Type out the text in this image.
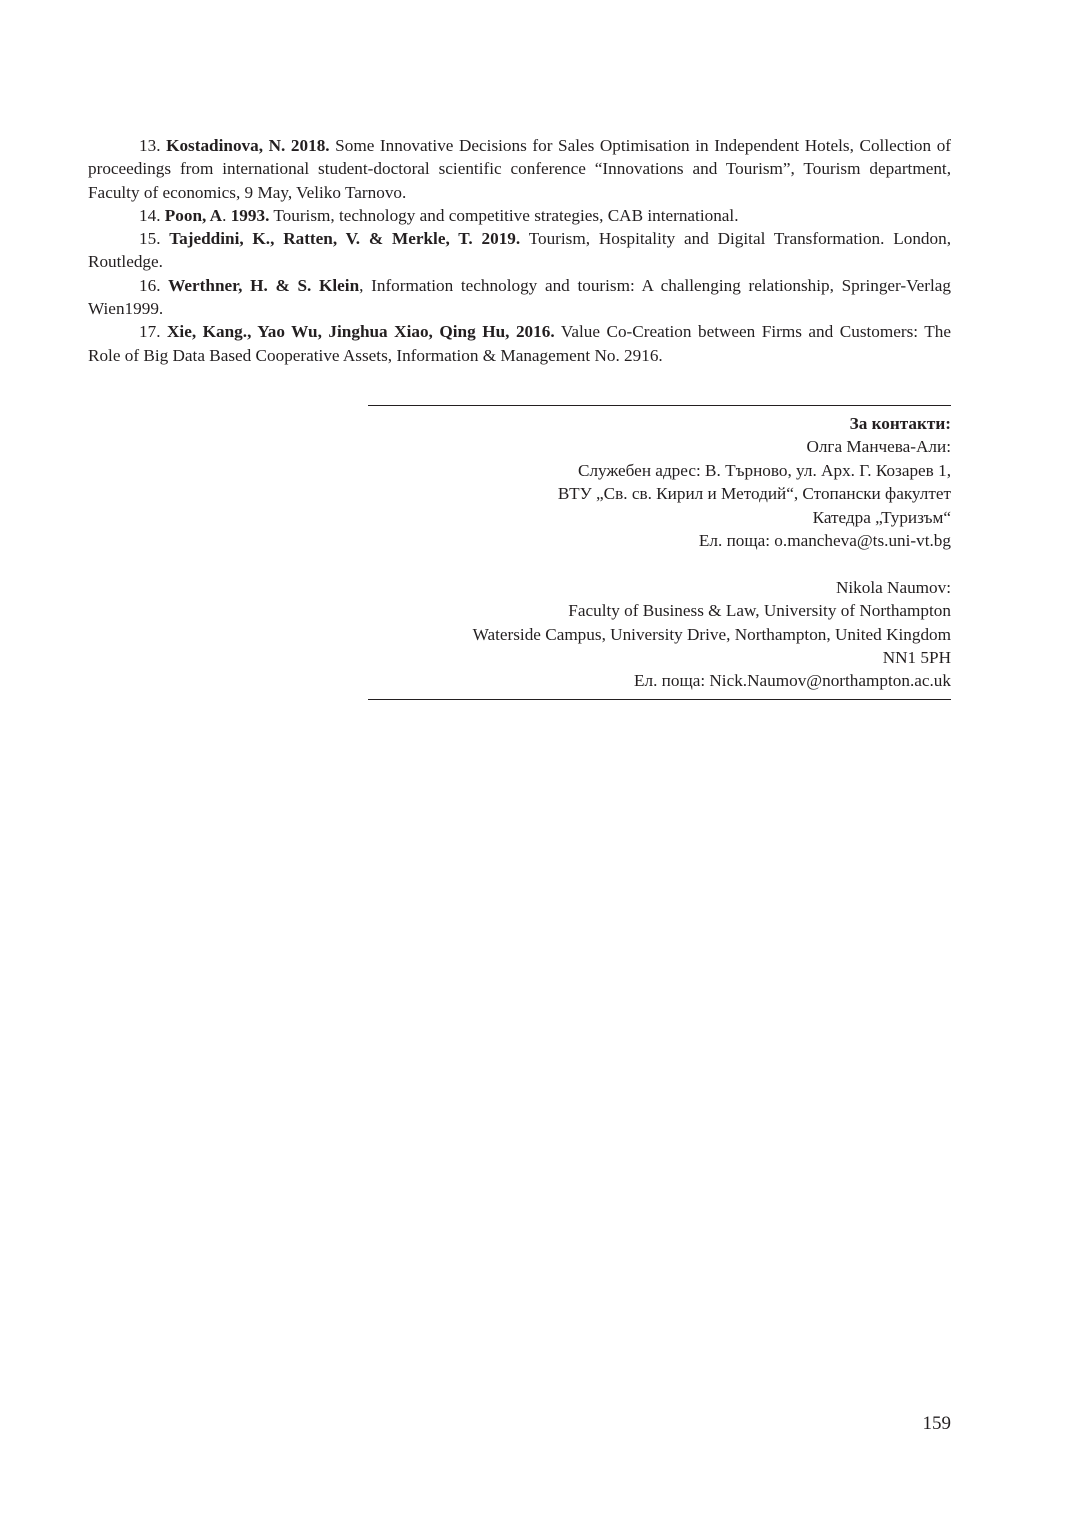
13. Kostadinova, N. 2018. Some Innovative Decisions for Sales Optimisation in Independent Hotels, Collection of proceedings from international student-doctoral scientific conference “Innovations and Tourism”, Tourism department, Faculty of economics, 9 May, Veliko Tarnovo.

14. Poon, A. 1993. Tourism, technology and competitive strategies, CAB international.

15. Tajeddini, K., Ratten, V. & Merkle, T. 2019. Tourism, Hospitality and Digital Transformation. London, Routledge.

16. Werthner, H. & S. Klein, Information technology and tourism: A challenging relationship, Springer-Verlag Wien1999.

17. Xie, Kang., Yao Wu, Jinghua Xiao, Qing Hu, 2016. Value Co-Creation between Firms and Customers: The Role of Big Data Based Cooperative Assets, Information & Management No. 2916.

За контакти:

Олга Манчева-Али:

Служебен адрес: В. Търново, ул. Арх. Г. Козарев 1,

ВТУ „Св. св. Кирил и Методий“, Стопански факултет

Катедра „Туризъм“

Ел. поща: o.mancheva@ts.uni-vt.bg

Nikola Naumov:

Faculty of Business & Law, University of Northampton

Waterside Campus, University Drive, Northampton, United Kingdom

NN1 5PH

Ел. поща: Nick.Naumov@northampton.ac.uk

159
